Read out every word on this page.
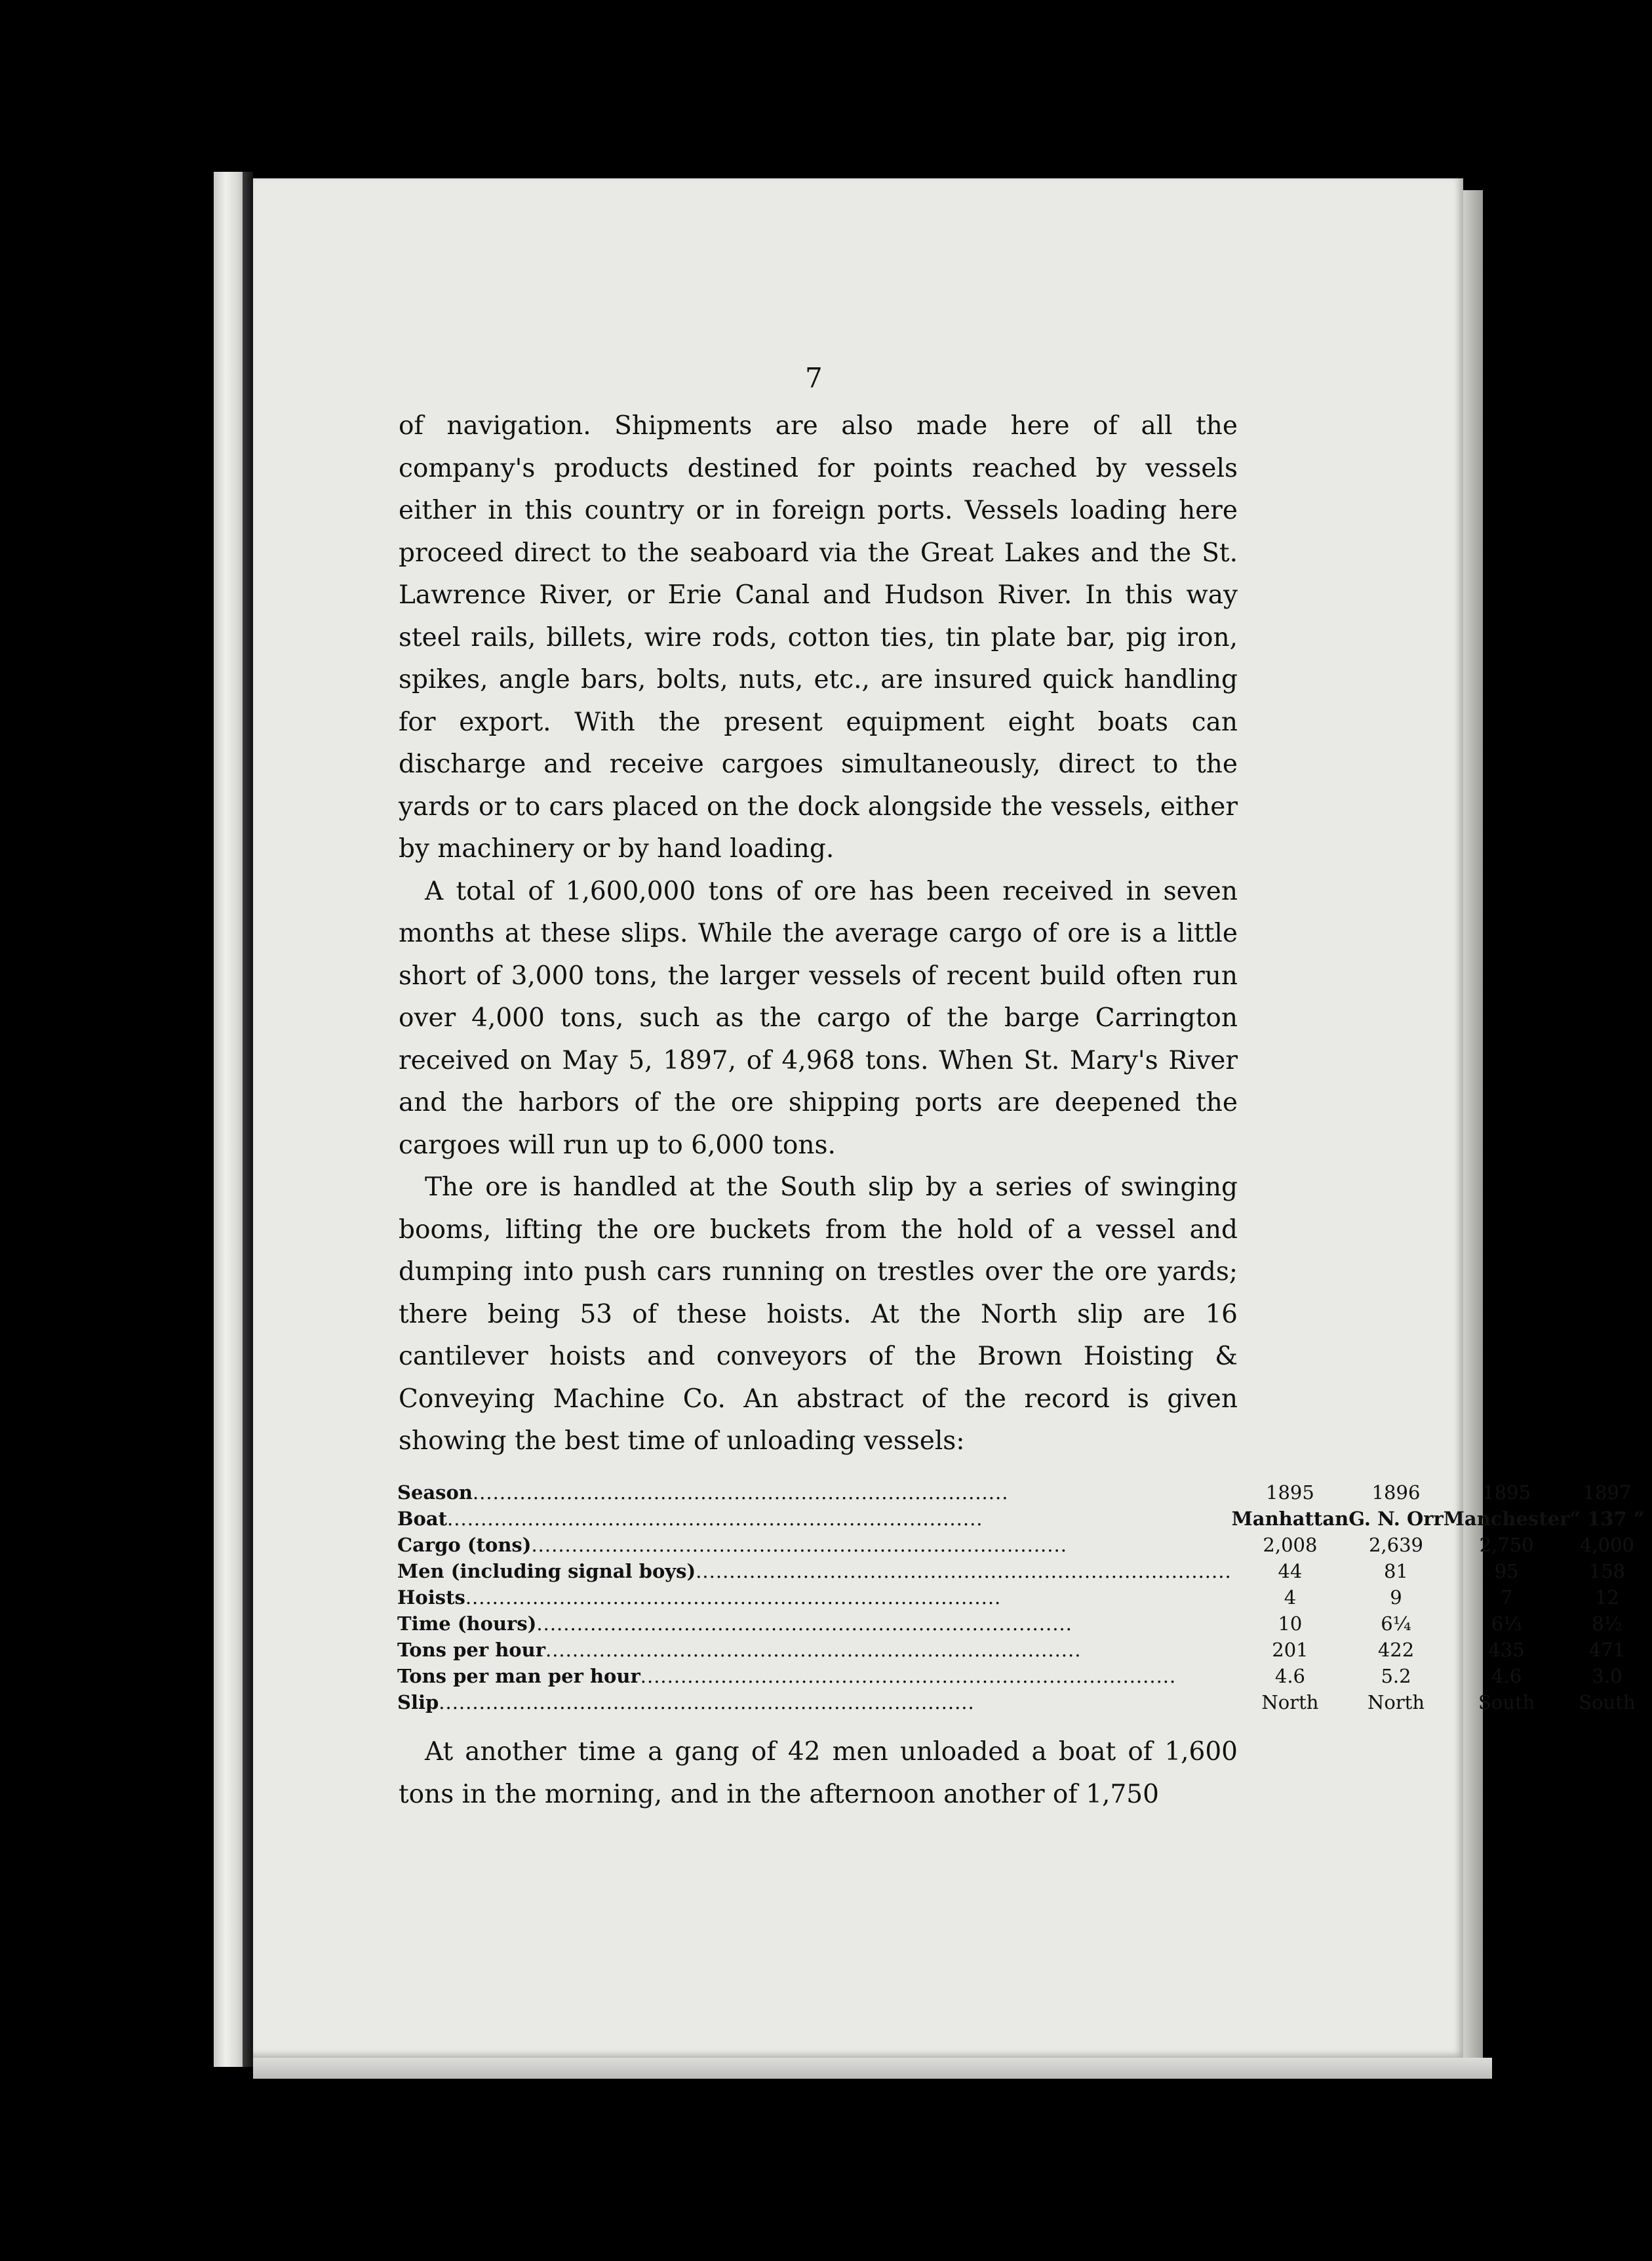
7

of navigation. Shipments are also made here of all the company's products destined for points reached by vessels either in this country or in foreign ports. Vessels loading here proceed direct to the seaboard via the Great Lakes and the St. Lawrence River, or Erie Canal and Hudson River. In this way steel rails, billets, wire rods, cotton ties, tin plate bar, pig iron, spikes, angle bars, bolts, nuts, etc., are insured quick handling for export. With the present equipment eight boats can discharge and receive cargoes simultaneously, direct to the yards or to cars placed on the dock alongside the vessels, either by machinery or by hand loading.

A total of 1,600,000 tons of ore has been received in seven months at these slips. While the average cargo of ore is a little short of 3,000 tons, the larger vessels of recent build often run over 4,000 tons, such as the cargo of the barge Carrington received on May 5, 1897, of 4,968 tons. When St. Mary's River and the harbors of the ore shipping ports are deepened the cargoes will run up to 6,000 tons.

The ore is handled at the South slip by a series of swinging booms, lifting the ore buckets from the hold of a vessel and dumping into push cars running on trestles over the ore yards; there being 53 of these hoists. At the North slip are 16 cantilever hoists and conveyors of the Brown Hoisting & Conveying Machine Co. An abstract of the record is given showing the best time of unloading vessels:

Season................................................................................	1895	1896	1895	1897
Boat................................................................................	Manhattan	G. N. Orr	Manchester	“ 137 ”
Cargo (tons)................................................................................	2,008	2,639	2,750	4,000
Men (including signal boys)................................................................................	44	81	95	158
Hoists................................................................................	4	9	7	12
Time (hours)................................................................................	10	6¼	6⅓	8½
Tons per hour................................................................................	201	422	435	471
Tons per man per hour................................................................................	4.6	5.2	4.6	3.0
Slip................................................................................	North	North	South	South

At another time a gang of 42 men unloaded a boat of 1,600 tons in the morning, and in the afternoon another of 1,750
